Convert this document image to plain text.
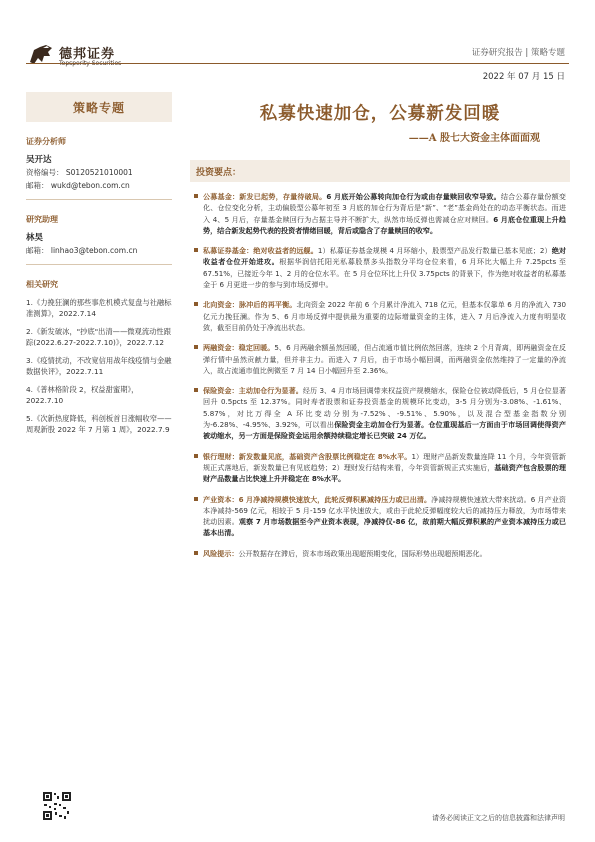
德邦证券	证券研究报告 | 策略专题
2022 年 07 月 15 日
策略专题
证券分析师
吴开达
资格编号： S0120521010001
邮箱： wukd@tebon.com.cn
研究助理
林昊
邮箱： linhao3@tebon.com.cn
相关研究
1.《力挽狂澜的那些事危机模式复盘与社融标准测算》，2022.7.14
2.《新发破冰，"抄底"出清——微观流动性跟踪(2022.6.27-2022.7.10)》，2022.7.12
3.《疫情扰动，不改宽信用战年线疫情与金融数据快评》，2022.7.11
4.《普林格阶段 2，权益甜蜜期》，2022.7.10
5.《次新热度降低，科创板首日涨幅收窄——周观新股 2022 年 7 月第 1 周》，2022.7.9
私募快速加仓，公募新发回暖
——A 股七大资金主体面面观
投资要点：
公募基金：新发已起势，存量待破局。6 月底开始公募转向加仓行为或由存量赎回收窄导致。结合公募存量份额变化、仓位变化分析，主动偏股型公募年初至 3 月底的加仓行为背后是“新”、“老”基金尚处在的动态平衡状态。而进入 4、5 月后，存量基金赎回行为占据主导并不断扩大，纵然市场反弹也需减仓应对赎回。6 月底仓位重现上升趋势，结合新发起势代表的投资者情绪回暖，背后或隐含了存量赎回的收窄。
私募证券基金：绝对收益者的远舰。1）私募证券基金规模 4 月环缩小，股票型产品发行数量已基本见底；2）绝对收益者仓位开始进攻。根据华润信托阳光私募股票多头指数分平均仓位来看，6 月环比大幅上升 7.25pcts 至 67.51%，已接近今年 1、2 月的仓位水平。在 5 月仓位环比上升仅 3.75pcts 的背景下，作为绝对收益者的私募基金于 6 月更进一步的参与到市场反弹中。
北向资金：脉冲后的再平衡。北向资金 2022 年前 6 个月累计净流入 718 亿元，但基本仅靠单 6 月的净流入 730 亿元力挽狂澜。作为 5、6 月市场反弹中提供最为重要的边际增量资金的主体，进入 7 月后净流入力度有明显收敛，截至目前仍处于净流出状态。
两融资金：稳定回暖。5、6 月两融余额虽然回暖，但占流通市值比例依然回落，连续 2 个月背离，即两融资金在反弹行情中虽然贡献力量，但并非主力。而进入 7 月后，由于市场小幅回调，而两融资金依然维持了一定量的净流入，故占流通市值比例微至 7 月 14 日小幅回升至 2.36%。
保险资金：主动加仓行为显著。经历 3、4 月市场回调带来权益资产规模缩水，保险仓位被动降低后，5 月仓位显著回升 0.5pcts 至 12.37%。同时寿者股票和证券投资基金的规模环比变动，3-5 月分别为-3.08%、-1.61%、5.87%，对比万得全 A 环比变动分别为-7.52%、-9.51%、5.90%，以及混合型基金指数分别为-6.28%、-4.95%、3.92%，可以看出保险资金主动加仓行为显著。仓位重现基后一方面由于市场回调使得资产被动缩水，另一方面是保险资金运用余额持续稳定增长已突破 24 万亿。
银行理财：新发数量见底，基础资产含股票比例稳定在 8%水平。1）理财产品新发数量连降 11 个月，今年资管新规正式落地后，新发数量已有见底趋势；2）理财发行结构来看，今年资管新规正式实施后，基础资产包含股票的理财产品数量占比快速上升并稳定在 8%水平。
产业资本：6 月净减持规模快速放大，此轮反弹积累减持压力或已出清。净减持规模快速放大带来扰动。6 月产业资本净减持-569 亿元，相较于 5 月-159 亿水平快速放大，或由于此轮反弹幅度较大后的减持压力释放，为市场带来扰动因素。观察 7 月市场数据至今产业资本表现，净减持仅-86 亿，故前期大幅反弹积累的产业资本减持压力或已基本出清。
风险提示：公开数据存在滞后，资本市场政策出现超预期变化，国际形势出现超预期恶化。
请务必阅读正文之后的信息披露和法律声明
